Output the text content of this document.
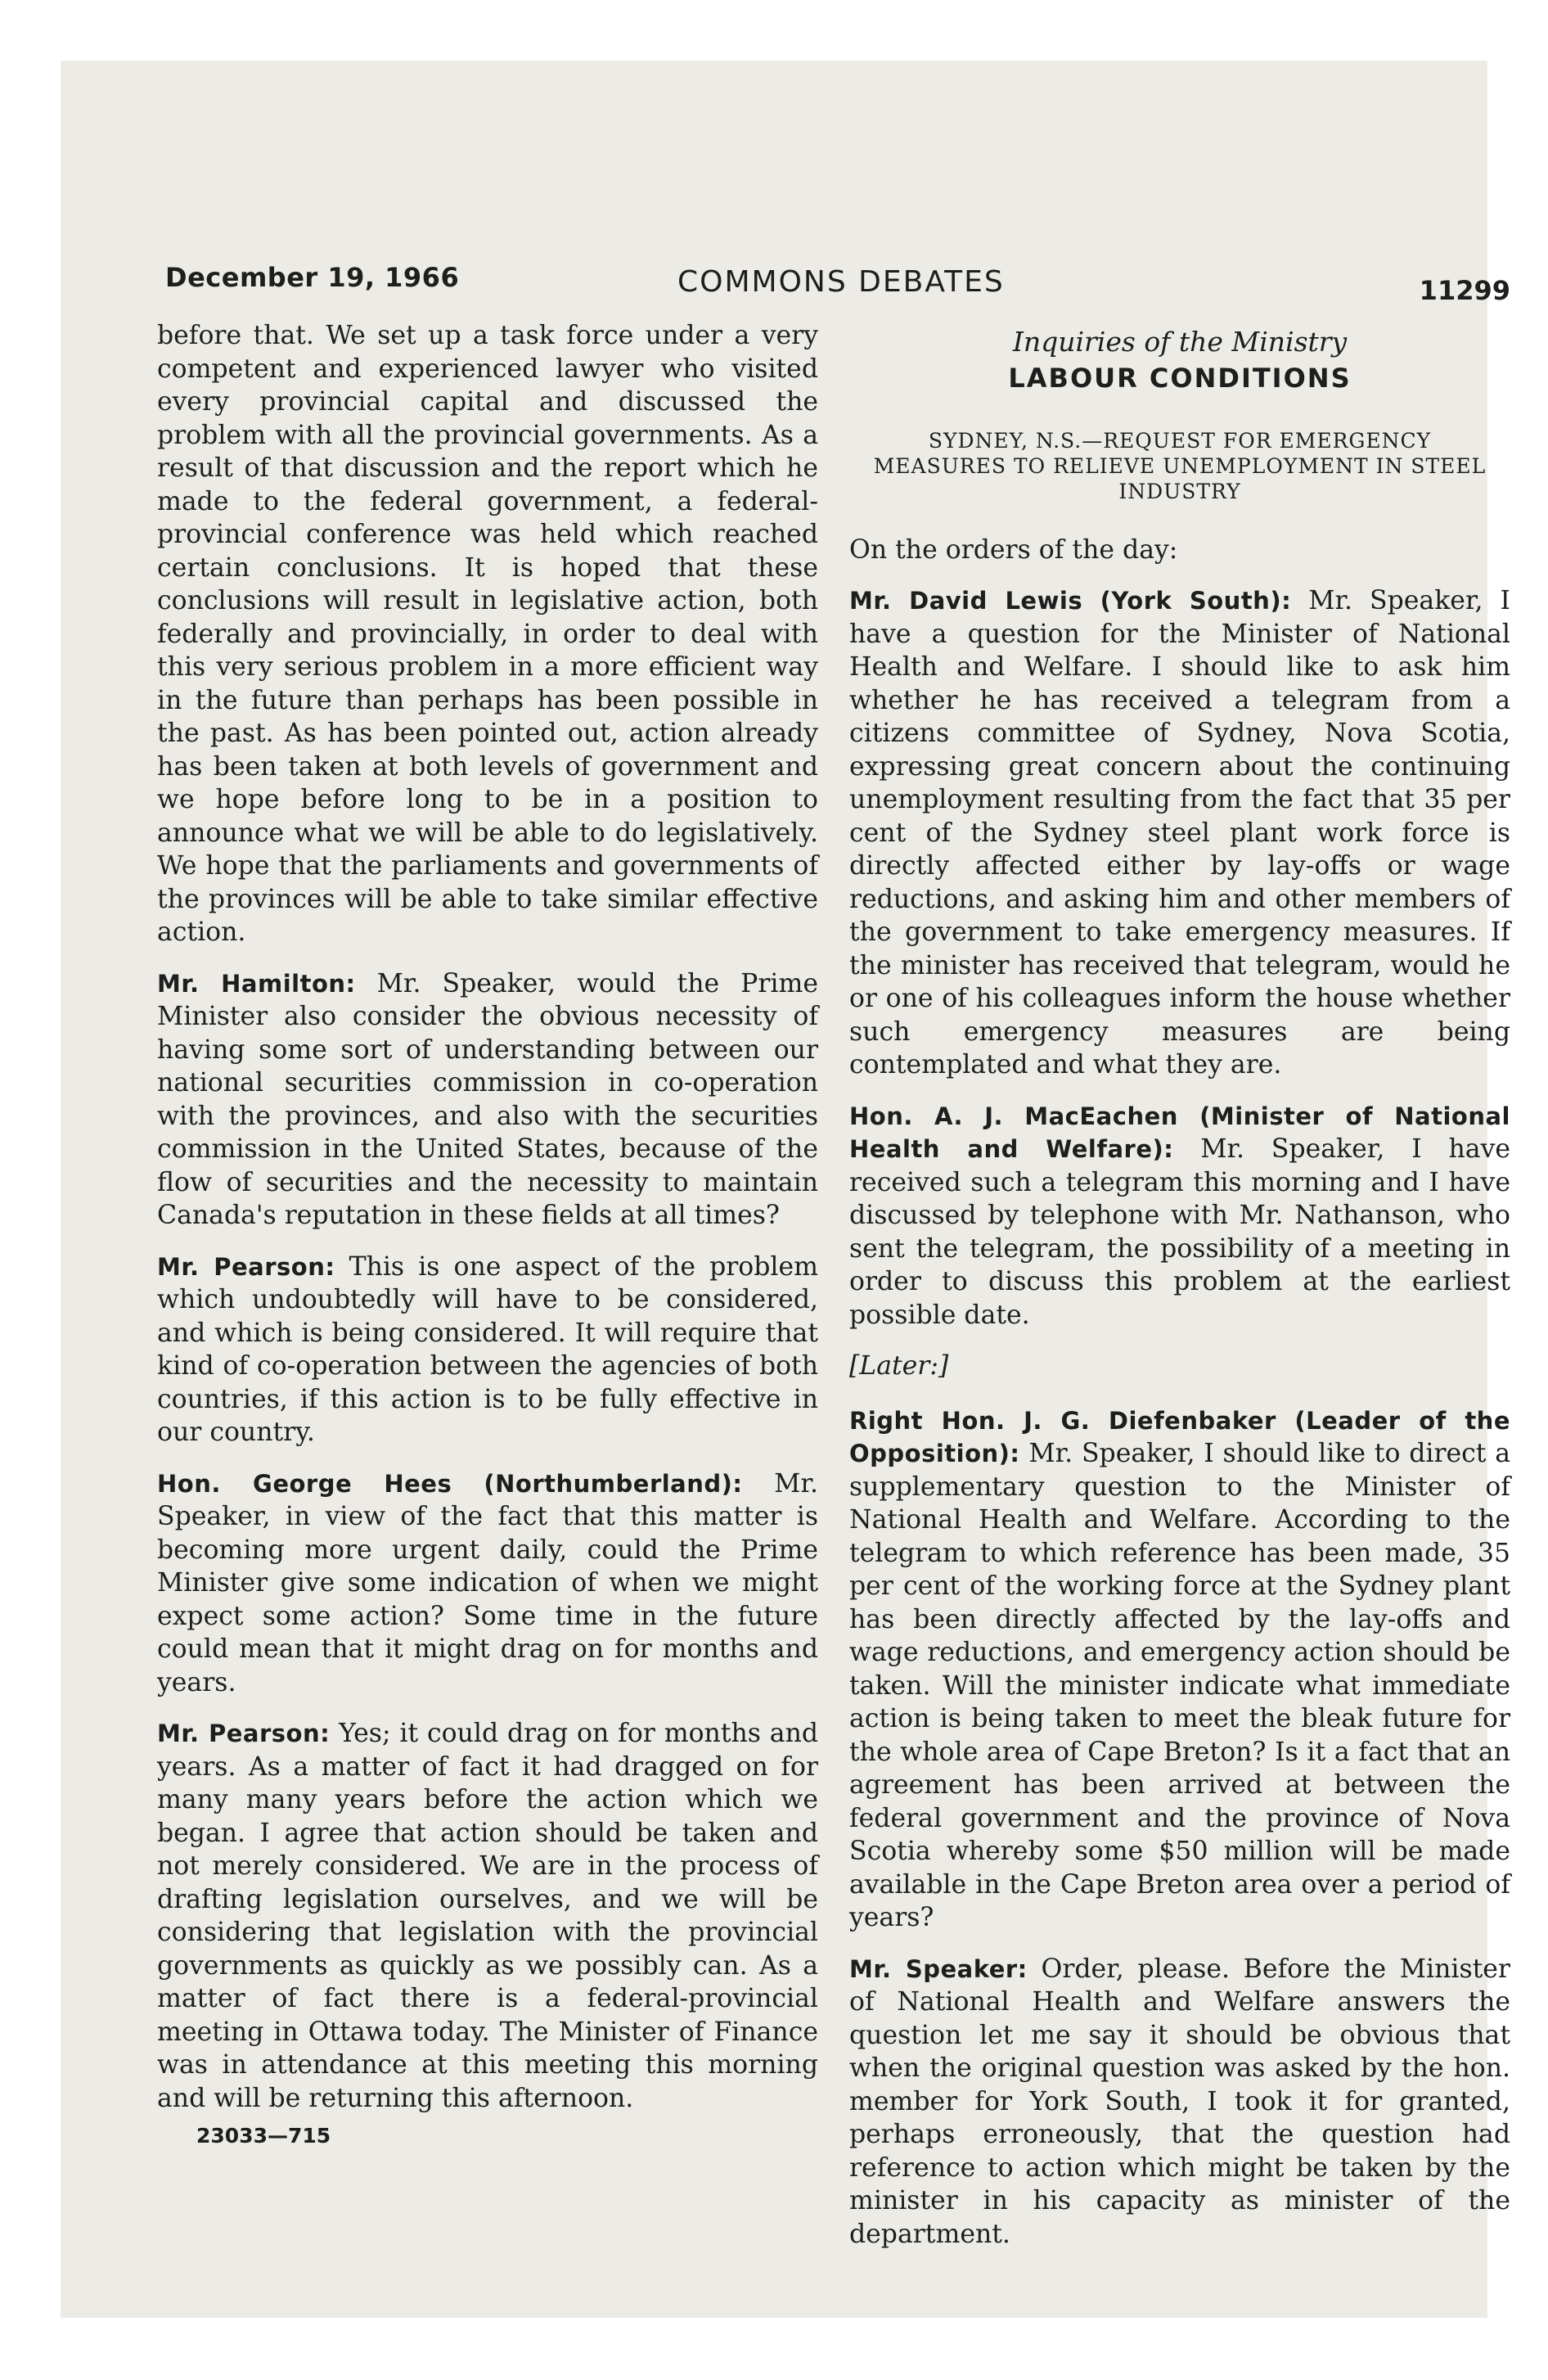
December 19, 1966	COMMONS DEBATES	11299

before that. We set up a task force under a very competent and experienced lawyer who visited every provincial capital and discussed the problem with all the provincial governments. As a result of that discussion and the report which he made to the federal government, a federal-provincial conference was held which reached certain conclusions. It is hoped that these conclusions will result in legislative action, both federally and provincially, in order to deal with this very serious problem in a more efficient way in the future than perhaps has been possible in the past. As has been pointed out, action already has been taken at both levels of government and we hope before long to be in a position to announce what we will be able to do legislatively. We hope that the parliaments and governments of the provinces will be able to take similar effective action.

Mr. Hamilton: Mr. Speaker, would the Prime Minister also consider the obvious necessity of having some sort of understanding between our national securities commission in co-operation with the provinces, and also with the securities commission in the United States, because of the flow of securities and the necessity to maintain Canada's reputation in these fields at all times?

Mr. Pearson: This is one aspect of the problem which undoubtedly will have to be considered, and which is being considered. It will require that kind of co-operation between the agencies of both countries, if this action is to be fully effective in our country.

Hon. George Hees (Northumberland): Mr. Speaker, in view of the fact that this matter is becoming more urgent daily, could the Prime Minister give some indication of when we might expect some action? Some time in the future could mean that it might drag on for months and years.

Mr. Pearson: Yes; it could drag on for months and years. As a matter of fact it had dragged on for many many years before the action which we began. I agree that action should be taken and not merely considered. We are in the process of drafting legislation ourselves, and we will be considering that legislation with the provincial governments as quickly as we possibly can. As a matter of fact there is a federal-provincial meeting in Ottawa today. The Minister of Finance was in attendance at this meeting this morning and will be returning this afternoon.

23033—715
Inquiries of the Ministry
LABOUR CONDITIONS
SYDNEY, N.S.—REQUEST FOR EMERGENCY MEASURES TO RELIEVE UNEMPLOYMENT IN STEEL INDUSTRY

On the orders of the day:

Mr. David Lewis (York South): Mr. Speaker, I have a question for the Minister of National Health and Welfare. I should like to ask him whether he has received a telegram from a citizens committee of Sydney, Nova Scotia, expressing great concern about the continuing unemployment resulting from the fact that 35 per cent of the Sydney steel plant work force is directly affected either by lay-offs or wage reductions, and asking him and other members of the government to take emergency measures. If the minister has received that telegram, would he or one of his colleagues inform the house whether such emergency measures are being contemplated and what they are.

Hon. A. J. MacEachen (Minister of National Health and Welfare): Mr. Speaker, I have received such a telegram this morning and I have discussed by telephone with Mr. Nathanson, who sent the telegram, the possibility of a meeting in order to discuss this problem at the earliest possible date.

[Later:]

Right Hon. J. G. Diefenbaker (Leader of the Opposition): Mr. Speaker, I should like to direct a supplementary question to the Minister of National Health and Welfare. According to the telegram to which reference has been made, 35 per cent of the working force at the Sydney plant has been directly affected by the lay-offs and wage reductions, and emergency action should be taken. Will the minister indicate what immediate action is being taken to meet the bleak future for the whole area of Cape Breton? Is it a fact that an agreement has been arrived at between the federal government and the province of Nova Scotia whereby some $50 million will be made available in the Cape Breton area over a period of years?

Mr. Speaker: Order, please. Before the Minister of National Health and Welfare answers the question let me say it should be obvious that when the original question was asked by the hon. member for York South, I took it for granted, perhaps erroneously, that the question had reference to action which might be taken by the minister in his capacity as minister of the department.
